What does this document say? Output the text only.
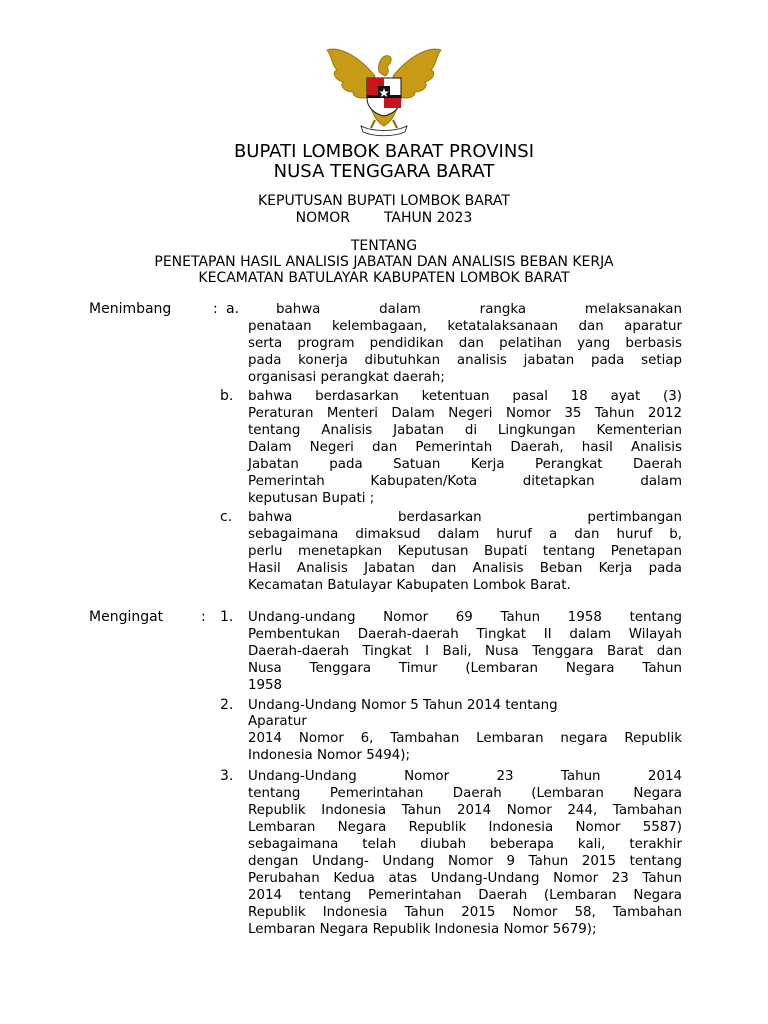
BUPATI LOMBOK BARAT PROVINSI
NUSA TENGGARA BARAT
KEPUTUSAN BUPATI LOMBOK BARAT
NOMOR TAHUN 2023
TENTANG
PENETAPAN HASIL ANALISIS JABATAN DAN ANALISIS BEBAN KERJA
KECAMATAN BATULAYAR KABUPATEN LOMBOK BARAT
Menimbang	: a.	bahwa dalam rangka melaksanakan
penataan kelembagaan, ketatalaksanaan dan aparatur
serta program pendidikan dan pelatihan yang berbasis
pada konerja dibutuhkan analisis jabatan pada setiap
organisasi perangkat daerah;
b. bahwa berdasarkan ketentuan pasal 18 ayat (3)
Peraturan Menteri Dalam Negeri Nomor 35 Tahun 2012
tentang Analisis Jabatan di Lingkungan Kementerian
Dalam Negeri dan Pemerintah Daerah, hasil Analisis
Jabatan pada Satuan Kerja Perangkat Daerah
Pemerintah Kabupaten/Kota ditetapkan dalam
keputusan Bupati ;
c. bahwa berdasarkan pertimbangan
sebagaimana dimaksud dalam huruf a dan huruf b,
perlu menetapkan Keputusan Bupati tentang Penetapan
Hasil Analisis Jabatan dan Analisis Beban Kerja pada
Kecamatan Batulayar Kabupaten Lombok Barat.
Mengingat	: 1. Undang-undang Nomor 69 Tahun 1958 tentang
Pembentukan Daerah-daerah Tingkat II dalam Wilayah
Daerah-daerah Tingkat I Bali, Nusa Tenggara Barat dan
Nusa Tenggara Timur (Lembaran Negara Tahun
1958
2. Undang-Undang Nomor 5 Tahun 2014 tentang
Aparatur
2014 Nomor 6, Tambahan Lembaran negara Republik
Indonesia Nomor 5494);
3. Undang-Undang Nomor 23 Tahun 2014
tentang Pemerintahan Daerah (Lembaran Negara
Republik Indonesia Tahun 2014 Nomor 244, Tambahan
Lembaran Negara Republik Indonesia Nomor 5587)
sebagaimana telah diubah beberapa kali, terakhir
dengan Undang- Undang Nomor 9 Tahun 2015 tentang
Perubahan Kedua atas Undang-Undang Nomor 23 Tahun
2014 tentang Pemerintahan Daerah (Lembaran Negara
Republik Indonesia Tahun 2015 Nomor 58, Tambahan
Lembaran Negara Republik Indonesia Nomor 5679);
